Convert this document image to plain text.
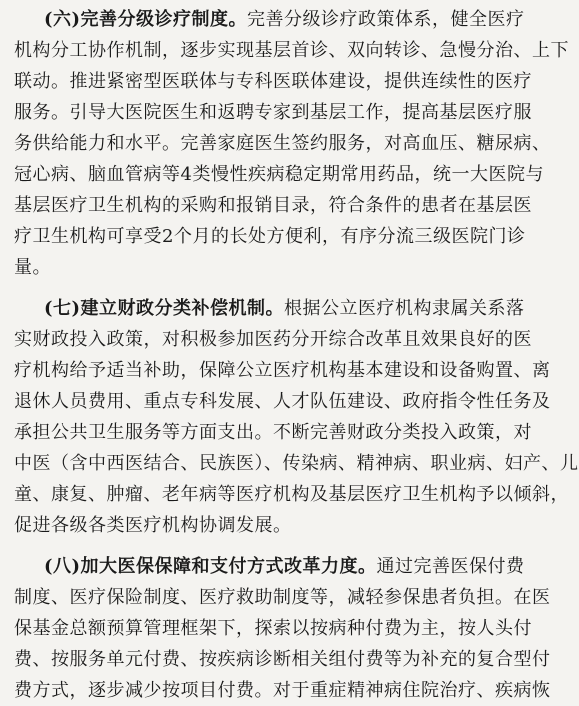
(六)完善分级诊疗制度。完善分级诊疗政策体系，健全医疗
机构分工协作机制，逐步实现基层首诊、双向转诊、急慢分治、上下
联动。推进紧密型医联体与专科医联体建设，提供连续性的医疗
服务。引导大医院医生和返聘专家到基层工作，提高基层医疗服
务供给能力和水平。完善家庭医生签约服务，对高血压、糖尿病、
冠心病、脑血管病等4类慢性疾病稳定期常用药品，统一大医院与
基层医疗卫生机构的采购和报销目录，符合条件的患者在基层医
疗卫生机构可享受2个月的长处方便利，有序分流三级医院门诊
量。
(七)建立财政分类补偿机制。根据公立医疗机构隶属关系落
实财政投入政策，对积极参加医药分开综合改革且效果良好的医
疗机构给予适当补助，保障公立医疗机构基本建设和设备购置、离
退休人员费用、重点专科发展、人才队伍建设、政府指令性任务及
承担公共卫生服务等方面支出。不断完善财政分类投入政策，对
中医（含中西医结合、民族医）、传染病、精神病、职业病、妇产、儿
童、康复、肿瘤、老年病等医疗机构及基层医疗卫生机构予以倾斜，
促进各级各类医疗机构协调发展。
(八)加大医保保障和支付方式改革力度。通过完善医保付费
制度、医疗保险制度、医疗救助制度等，减轻参保患者负担。在医
保基金总额预算管理框架下，探索以按病种付费为主，按人头付
费、按服务单元付费、按疾病诊断相关组付费等为补充的复合型付
费方式，逐步减少按项目付费。对于重症精神病住院治疗、疾病恢
